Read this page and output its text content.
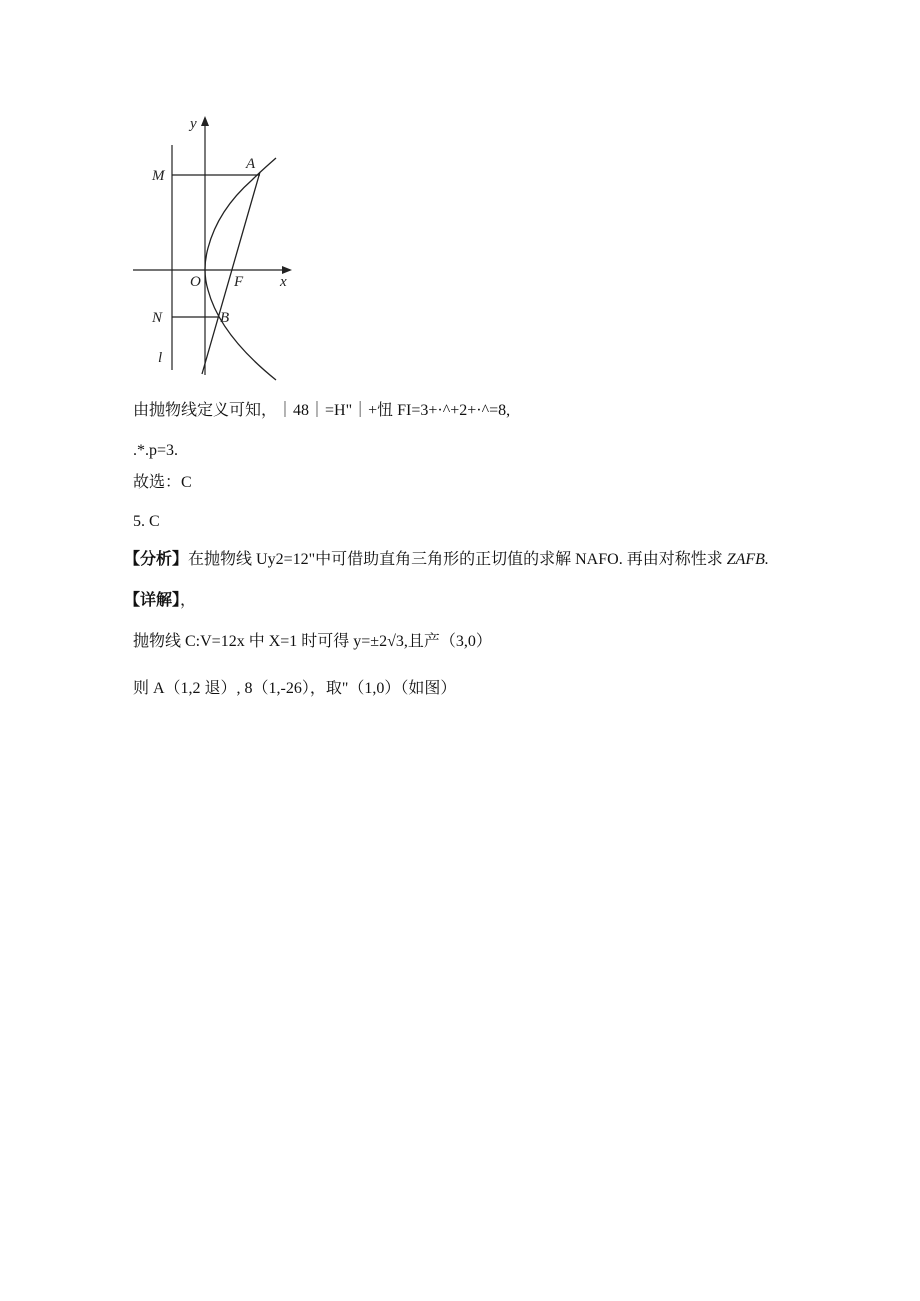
y
x
M
A
O F
N	B
l
由抛物线定义可知，｜48｜=H"｜+忸 FI=3+·^+2+·^=8,
.*.p=3.
故选：C
5. C
【分析】在抛物线 Uy2=12"中可借助直角三角形的正切值的求解 NAFO. 再由对称性求 ZAFB.
【详解】，
抛物线 C:V=12x 中 X=1 时可得 y=±2√3,且产（3,0）
则 A（1,2 退）, 8（1,-26），取"（1,0）（如图）
